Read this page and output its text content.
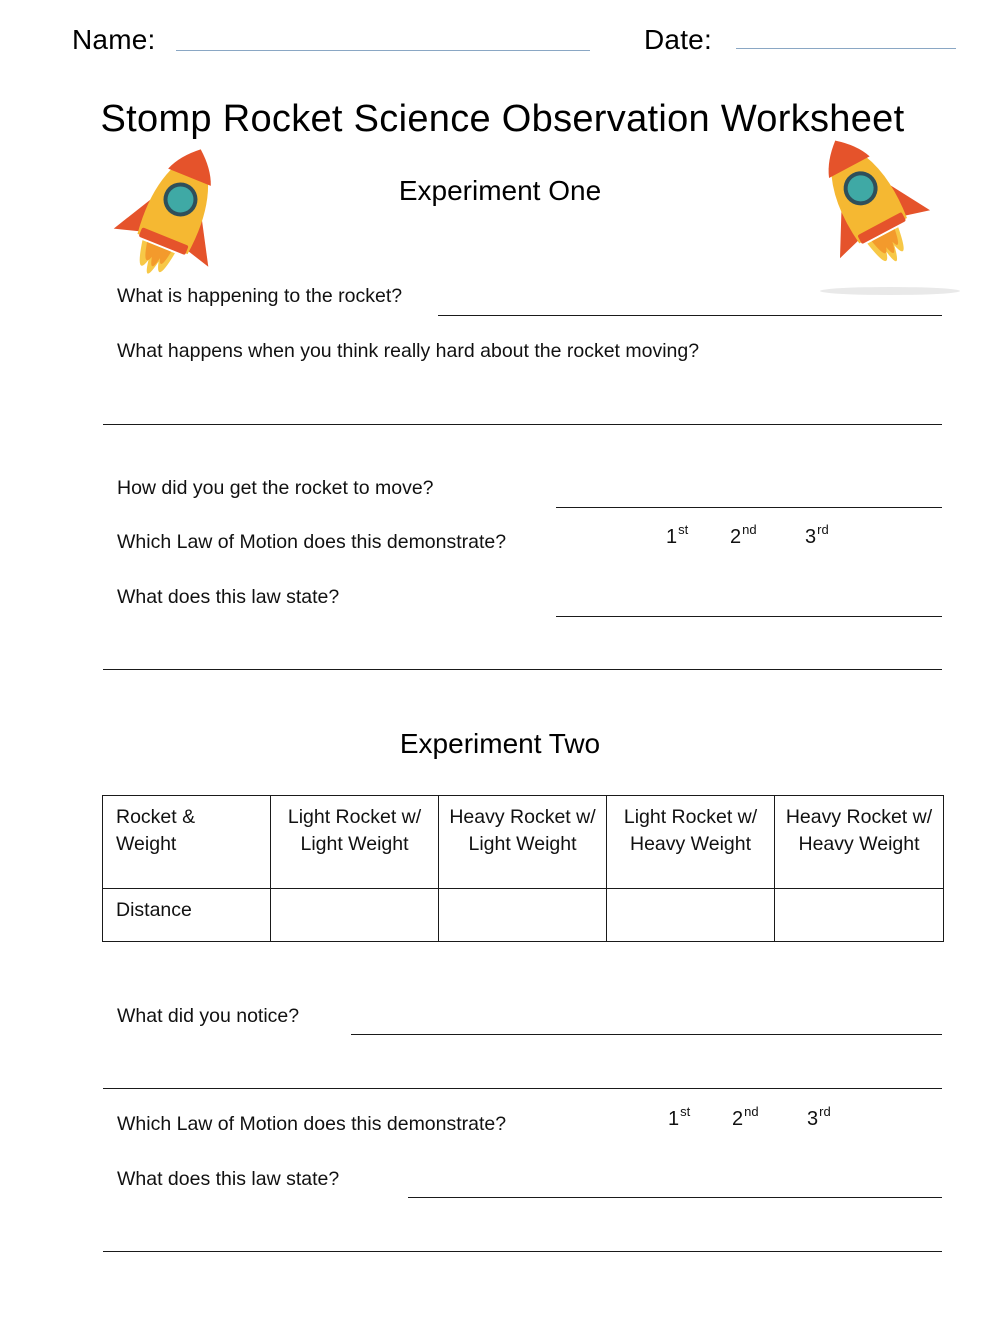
Name:	Date:
Stomp Rocket Science Observation Worksheet
Experiment One
What is happening to the rocket?
What happens when you think really hard about the rocket moving?
How did you get the rocket to move?
Which Law of Motion does this demonstrate?	1st 2nd 3rd
What does this law state?
Experiment Two
Rocket & Weight	Light Rocket w/ Light Weight	Heavy Rocket w/ Light Weight	Light Rocket w/ Heavy Weight	Heavy Rocket w/ Heavy Weight
Distance				
What did you notice?
Which Law of Motion does this demonstrate?	1st 2nd 3rd
What does this law state?
